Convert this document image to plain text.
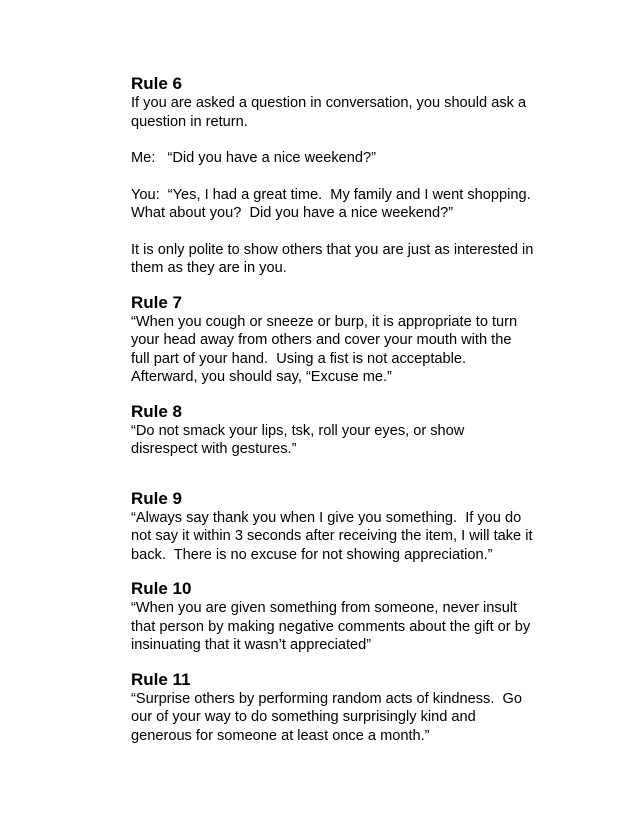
Rule 6

If you are asked a question in conversation, you should ask a
question in return.

Me:   “Did you have a nice weekend?”

You:  “Yes, I had a great time.  My family and I went shopping.
What about you?  Did you have a nice weekend?”

It is only polite to show others that you are just as interested in
them as they are in you.

Rule 7

“When you cough or sneeze or burp, it is appropriate to turn
your head away from others and cover your mouth with the
full part of your hand.  Using a fist is not acceptable.
Afterward, you should say, “Excuse me.”

Rule 8

“Do not smack your lips, tsk, roll your eyes, or show
disrespect with gestures.”

Rule 9

“Always say thank you when I give you something.  If you do
not say it within 3 seconds after receiving the item, I will take it
back.  There is no excuse for not showing appreciation.”

Rule 10

“When you are given something from someone, never insult
that person by making negative comments about the gift or by
insinuating that it wasn’t appreciated”

Rule 11

“Surprise others by performing random acts of kindness.  Go
our of your way to do something surprisingly kind and
generous for someone at least once a month.”
